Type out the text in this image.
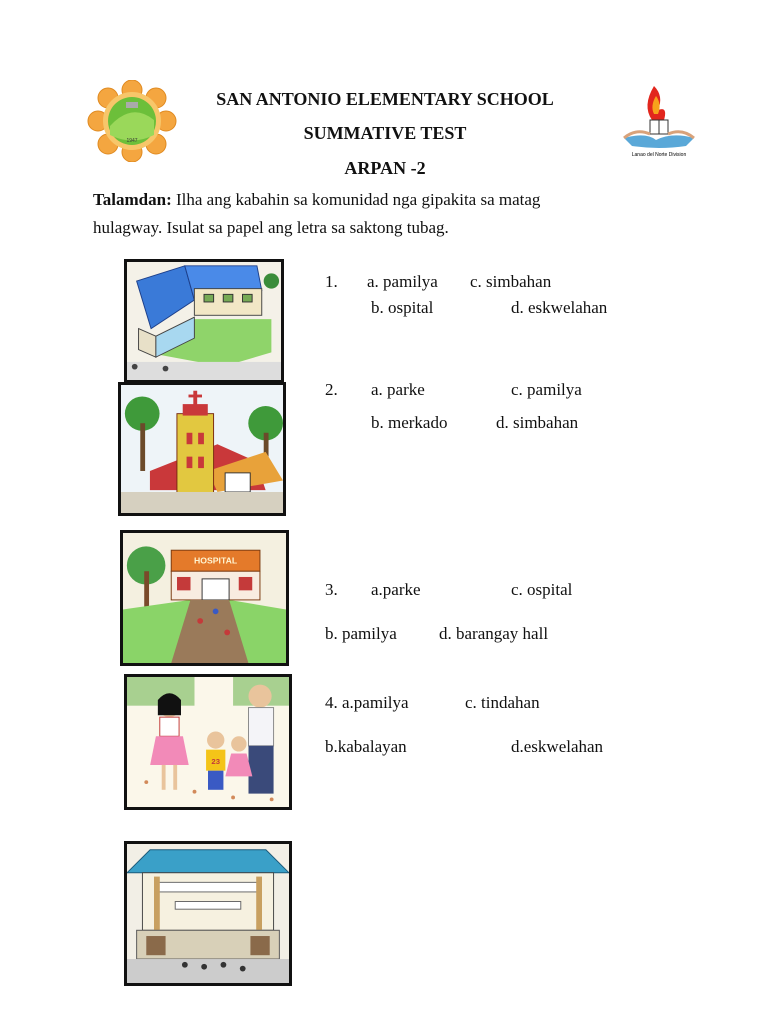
1947
Lanao del Norte Division
SAN ANTONIO ELEMENTARY SCHOOL
SUMMATIVE TEST
ARPAN -2
Talamdan: Ilha ang kabahin sa komunidad nga gipakita sa matag
hulagway. Isulat sa papel ang letra sa saktong tubag.
HOSPITAL
23
1. a. pamilya c. simbahan
b. ospital	d. eskwelahan
2. a. parke	c. pamilya
b. merkado	d. simbahan
3. a.parke	c. ospital
b. pamilya d. barangay hall
4. a.pamilya	c. tindahan
b.kabalayan	d.eskwelahan
